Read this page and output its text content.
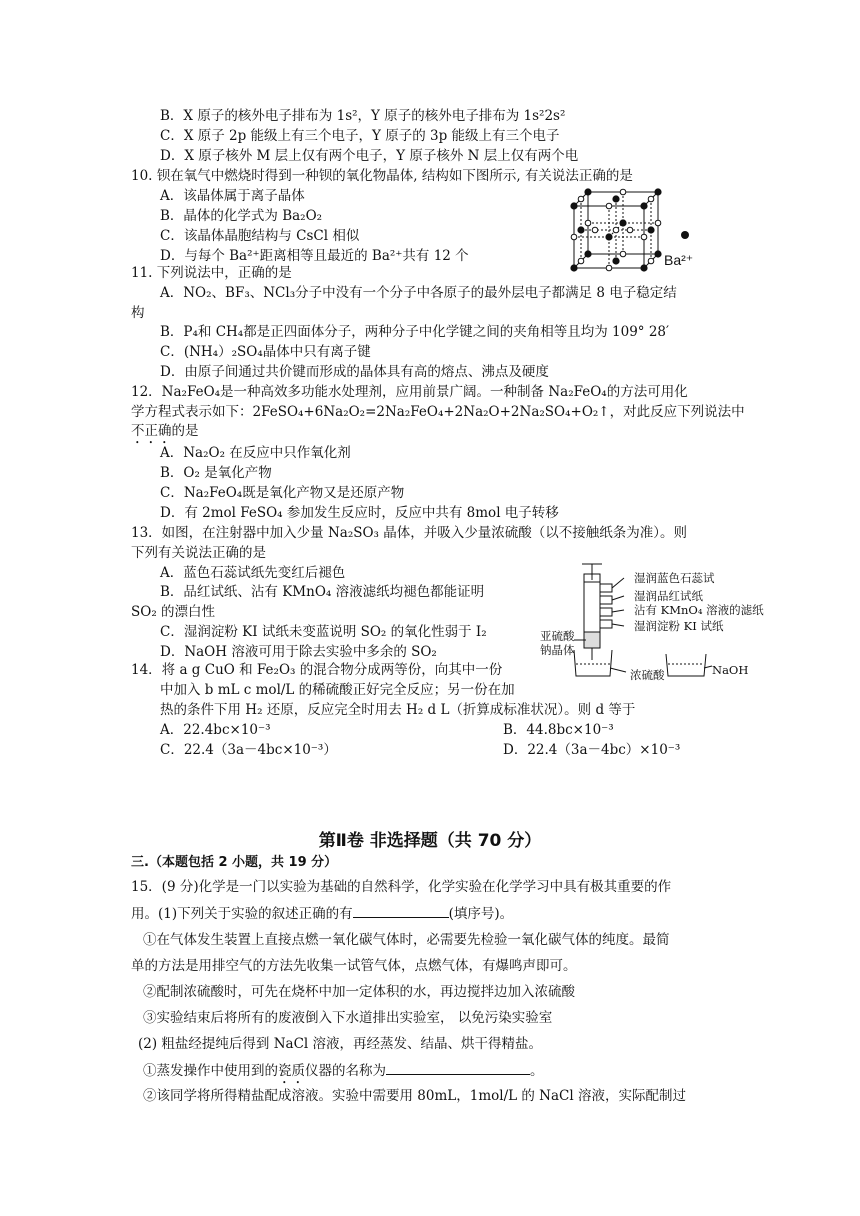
B．X 原子的核外电子排布为 1s²，Y 原子的核外电子排布为 1s²2s²
C．X 原子 2p 能级上有三个电子，Y 原子的 3p 能级上有三个电子
D．X 原子核外 M 层上仅有两个电子，Y 原子核外 N 层上仅有两个电
10. 钡在氧气中燃烧时得到一种钡的氧化物晶体, 结构如下图所示, 有关说法正确的是
A．该晶体属于离子晶体
B．晶体的化学式为 Ba₂O₂
C．该晶体晶胞结构与 CsCl 相似
D．与每个 Ba²⁺距离相等且最近的 Ba²⁺共有 12 个	Ba²⁺
11. 下列说法中，正确的是
A．NO₂、BF₃、NCl₃分子中没有一个分子中各原子的最外层电子都满足 8 电子稳定结
构
B．P₄和 CH₄都是正四面体分子，两种分子中化学键之间的夹角相等且均为 109° 28′
C．(NH₄）₂SO₄晶体中只有离子键
D．由原子间通过共价键而形成的晶体具有高的熔点、沸点及硬度
12．Na₂FeO₄是一种高效多功能水处理剂，应用前景广阔。一种制备 Na₂FeO₄的方法可用化
学方程式表示如下：2FeSO₄+6Na₂O₂=2Na₂FeO₄+2Na₂O+2Na₂SO₄+O₂↑，对此反应下列说法中
不正确的是
A．Na₂O₂ 在反应中只作氧化剂
B．O₂ 是氧化产物
C．Na₂FeO₄既是氧化产物又是还原产物
D．有 2mol FeSO₄ 参加发生反应时，反应中共有 8mol 电子转移
13．如图，在注射器中加入少量 Na₂SO₃ 晶体，并吸入少量浓硫酸（以不接触纸条为准）。则
下列有关说法正确的是
A．蓝色石蕊试纸先变红后褪色
B．品红试纸、沾有 KMnO₄ 溶液滤纸均褪色都能证明
SO₂ 的漂白性
C．湿润淀粉 KI 试纸未变蓝说明 SO₂ 的氧化性弱于 I₂
D．NaOH 溶液可用于除去实验中多余的 SO₂
湿润蓝色石蕊试
湿润品红试纸
沾有 KMnO₄ 溶液的滤纸
湿润淀粉 KI 试纸
亚硫酸
钠晶体
浓硫酸	NaOH
14．将 a g CuO 和 Fe₂O₃ 的混合物分成两等份，向其中一份
中加入 b mL c mol/L 的稀硫酸正好完全反应；另一份在加
热的条件下用 H₂ 还原，反应完全时用去 H₂ d L（折算成标准状况）。则 d 等于
A．22.4bc×10⁻³	B．44.8bc×10⁻³
C．22.4（3a－4bc×10⁻³）	D．22.4（3a－4bc）×10⁻³
第Ⅱ卷 非选择题（共 70 分）
三.（本题包括 2 小题，共 19 分）
15．(9 分)化学是一门以实验为基础的自然科学，化学实验在化学学习中具有极其重要的作
用。(1)下列关于实验的叙述正确的有	(填序号)。
①在气体发生装置上直接点燃一氧化碳气体时，必需要先检验一氧化碳气体的纯度。最简
单的方法是用排空气的方法先收集一试管气体，点燃气体，有爆鸣声即可。
②配制浓硫酸时，可先在烧杯中加一定体积的水，再边搅拌边加入浓硫酸
③实验结束后将所有的废液倒入下水道排出实验室， 以免污染实验室
(2) 粗盐经提纯后得到 NaCl 溶液，再经蒸发、结晶、烘干得精盐。
①蒸发操作中使用到的瓷质仪器的名称为	。
②该同学将所得精盐配成溶液。实验中需要用 80mL，1mol/L 的 NaCl 溶液，实际配制过
